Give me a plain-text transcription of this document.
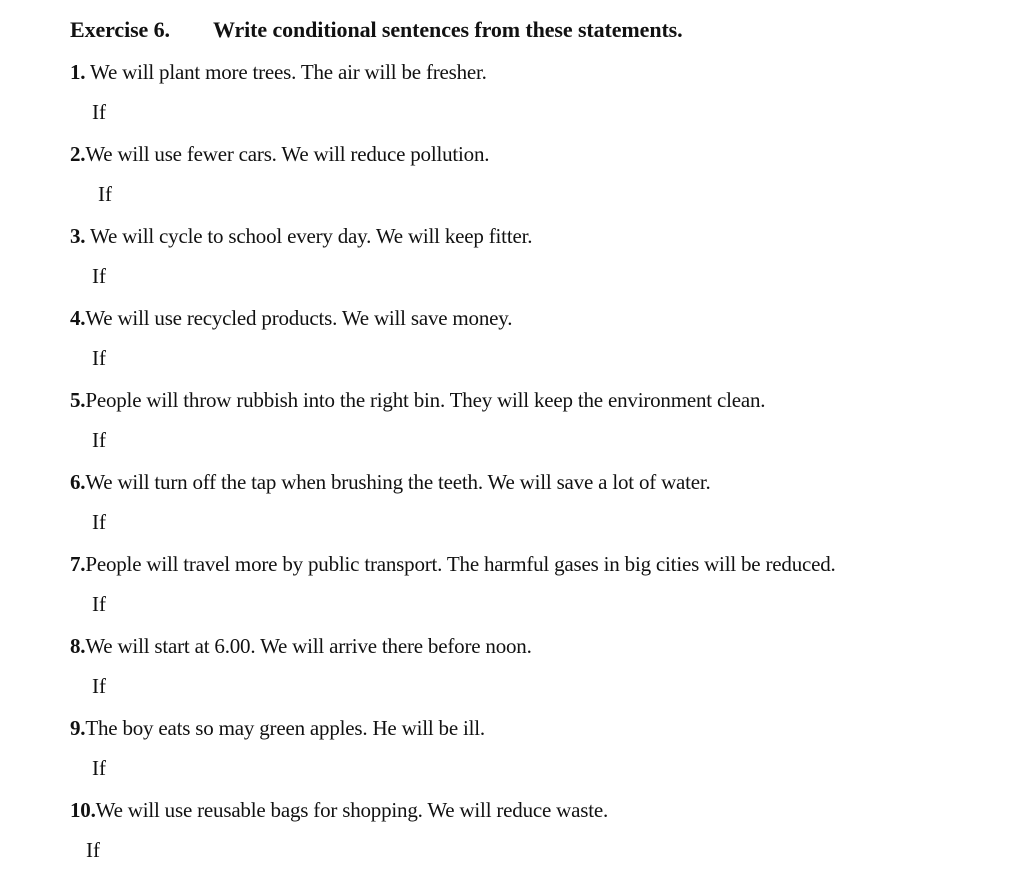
Exercise 6. Write conditional sentences from these statements.
1. We will plant more trees. The air will be fresher.
If
2.We will use fewer cars. We will reduce pollution.
If
3. We will cycle to school every day. We will keep fitter.
If
4.We will use recycled products. We will save money.
If
5.People will throw rubbish into the right bin. They will keep the environment clean.
If
6.We will turn off the tap when brushing the teeth. We will save a lot of water.
If
7.People will travel more by public transport. The harmful gases in big cities will be reduced.
If
8.We will start at 6.00. We will arrive there before noon.
If
9.The boy eats so may green apples. He will be ill.
If
10.We will use reusable bags for shopping. We will reduce waste.
If
